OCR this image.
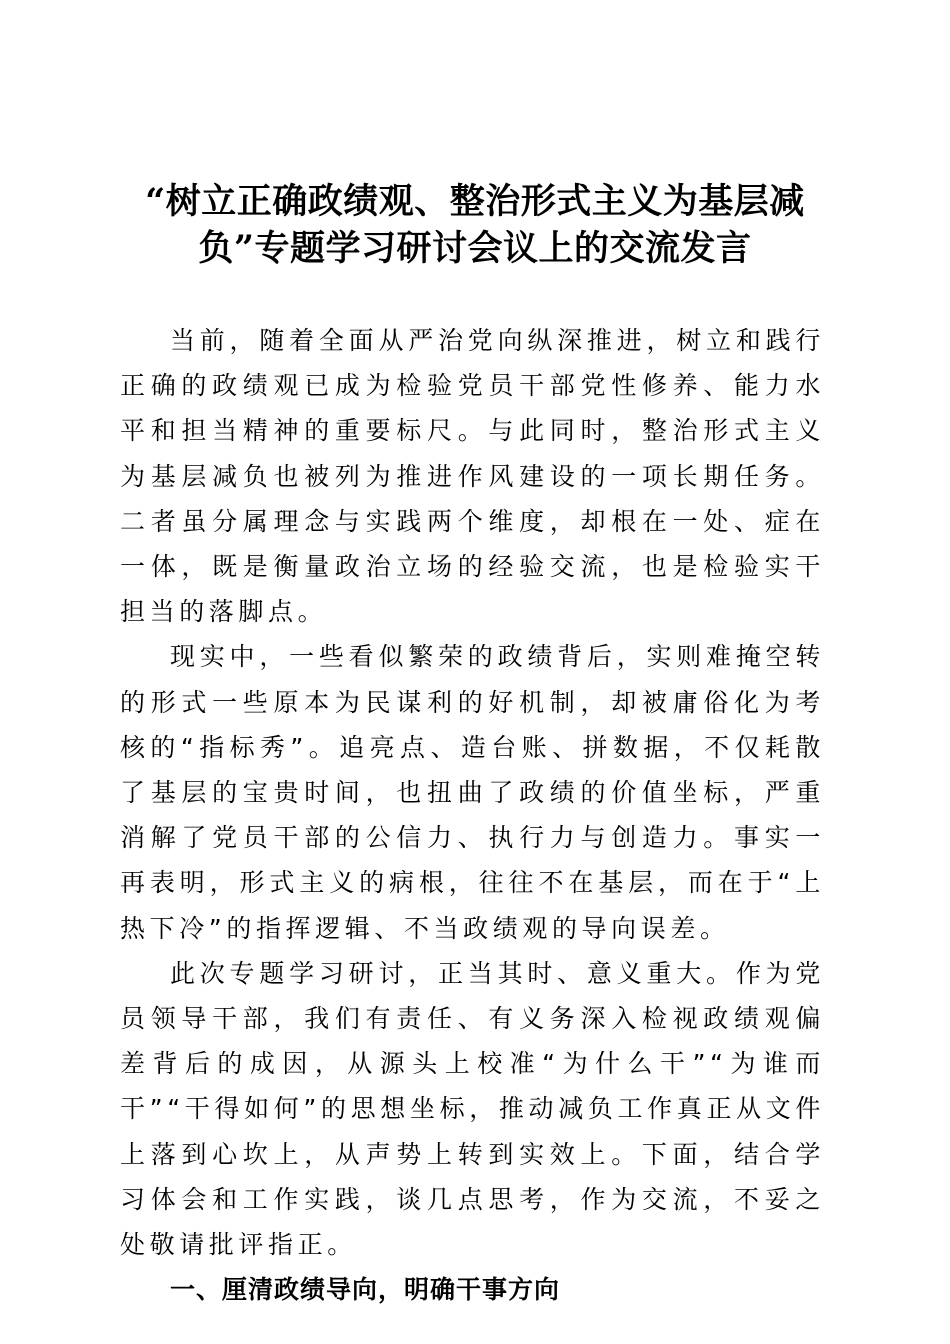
“树立正确政绩观、整治形式主义为基层减
负”专题学习研讨会议上的交流发言

当前，随着全面从严治党向纵深推进，树立和践行正确的政绩观已成为检验党员干部党性修养、能力水平和担当精神的重要标尺。与此同时，整治形式主义为基层减负也被列为推进作风建设的一项长期任务。二者虽分属理念与实践两个维度，却根在一处、症在一体，既是衡量政治立场的经验交流，也是检验实干担当的落脚点。

现实中，一些看似繁荣的政绩背后，实则难掩空转的形式一些原本为民谋利的好机制，却被庸俗化为考核的“指标秀”。追亮点、造台账、拼数据，不仅耗散了基层的宝贵时间，也扭曲了政绩的价值坐标，严重消解了党员干部的公信力、执行力与创造力。事实一再表明，形式主义的病根，往往不在基层，而在于“上热下冷”的指挥逻辑、不当政绩观的导向误差。

此次专题学习研讨，正当其时、意义重大。作为党员领导干部，我们有责任、有义务深入检视政绩观偏差背后的成因，从源头上校准“为什么干”“为谁而干”“干得如何”的思想坐标，推动减负工作真正从文件上落到心坎上，从声势上转到实效上。下面，结合学习体会和工作实践，谈几点思考，作为交流，不妥之处敬请批评指正。

一、厘清政绩导向，明确干事方向
